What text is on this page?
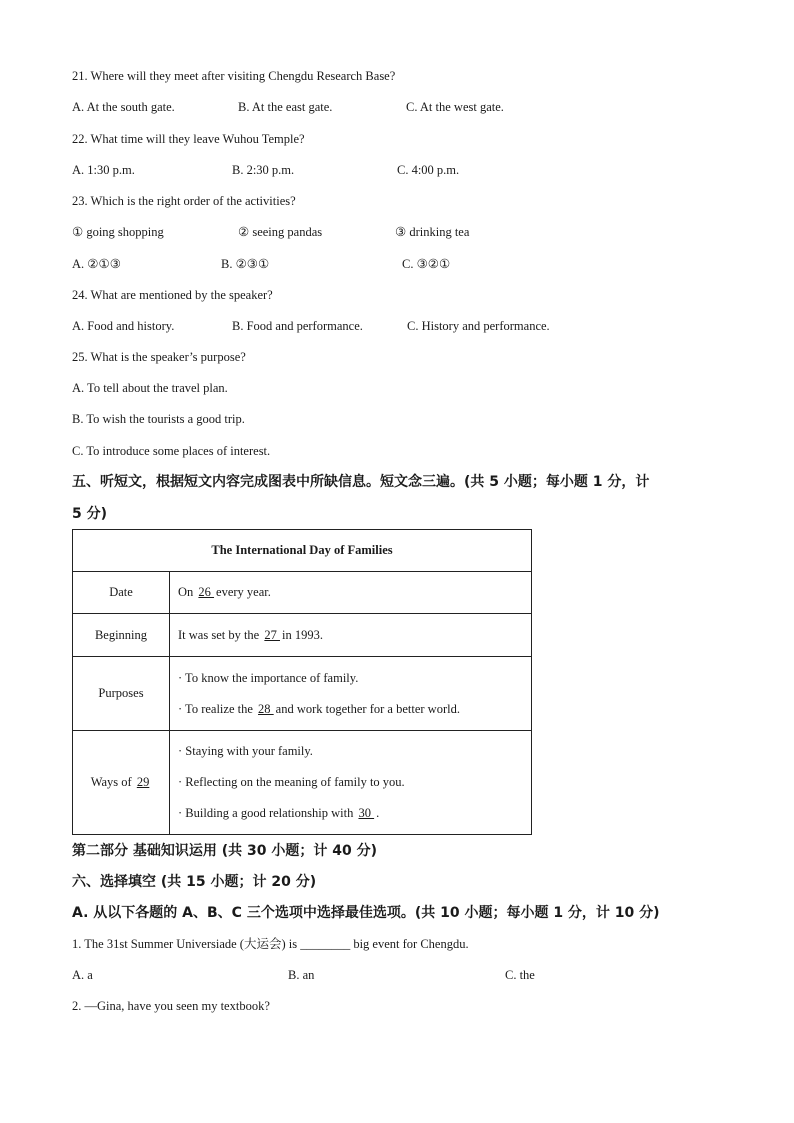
21. Where will they meet after visiting Chengdu Research Base?
A. At the south gate.	B. At the east gate.	C. At the west gate.
22. What time will they leave Wuhou Temple?
A. 1:30 p.m.	B. 2:30 p.m.	C. 4:00 p.m.
23. Which is the right order of the activities?
① going shopping	② seeing pandas	③ drinking tea
A. ②①③	B. ②③①	C. ③②①
24. What are mentioned by the speaker?
A. Food and history.	B. Food and performance.	C. History and performance.
25. What is the speaker’s purpose?
A. To tell about the travel plan.
B. To wish the tourists a good trip.
C. To introduce some places of interest.
五、听短文，根据短文内容完成图表中所缺信息。短文念三遍。(共 5 小题；每小题 1 分，计
5 分)
The International Day of Families	
Date	On 26 every year.
Beginning	It was set by the 27 in 1993.
Purposes	· To know the importance of family.
· To realize the 28 and work together for a better world.

Ways of 29	· Staying with your family.
· Reflecting on the meaning of family to you.
· Building a good relationship with 30 .
第二部分 基础知识运用 (共 30 小题；计 40 分)
六、选择填空 (共 15 小题；计 20 分)
A. 从以下各题的 A、B、C 三个选项中选择最佳选项。(共 10 小题；每小题 1 分，计 10 分)
1. The 31st Summer Universiade (大运会) is ________ big event for Chengdu.
A. a	B. an	C. the
2. —Gina, have you seen my textbook?
